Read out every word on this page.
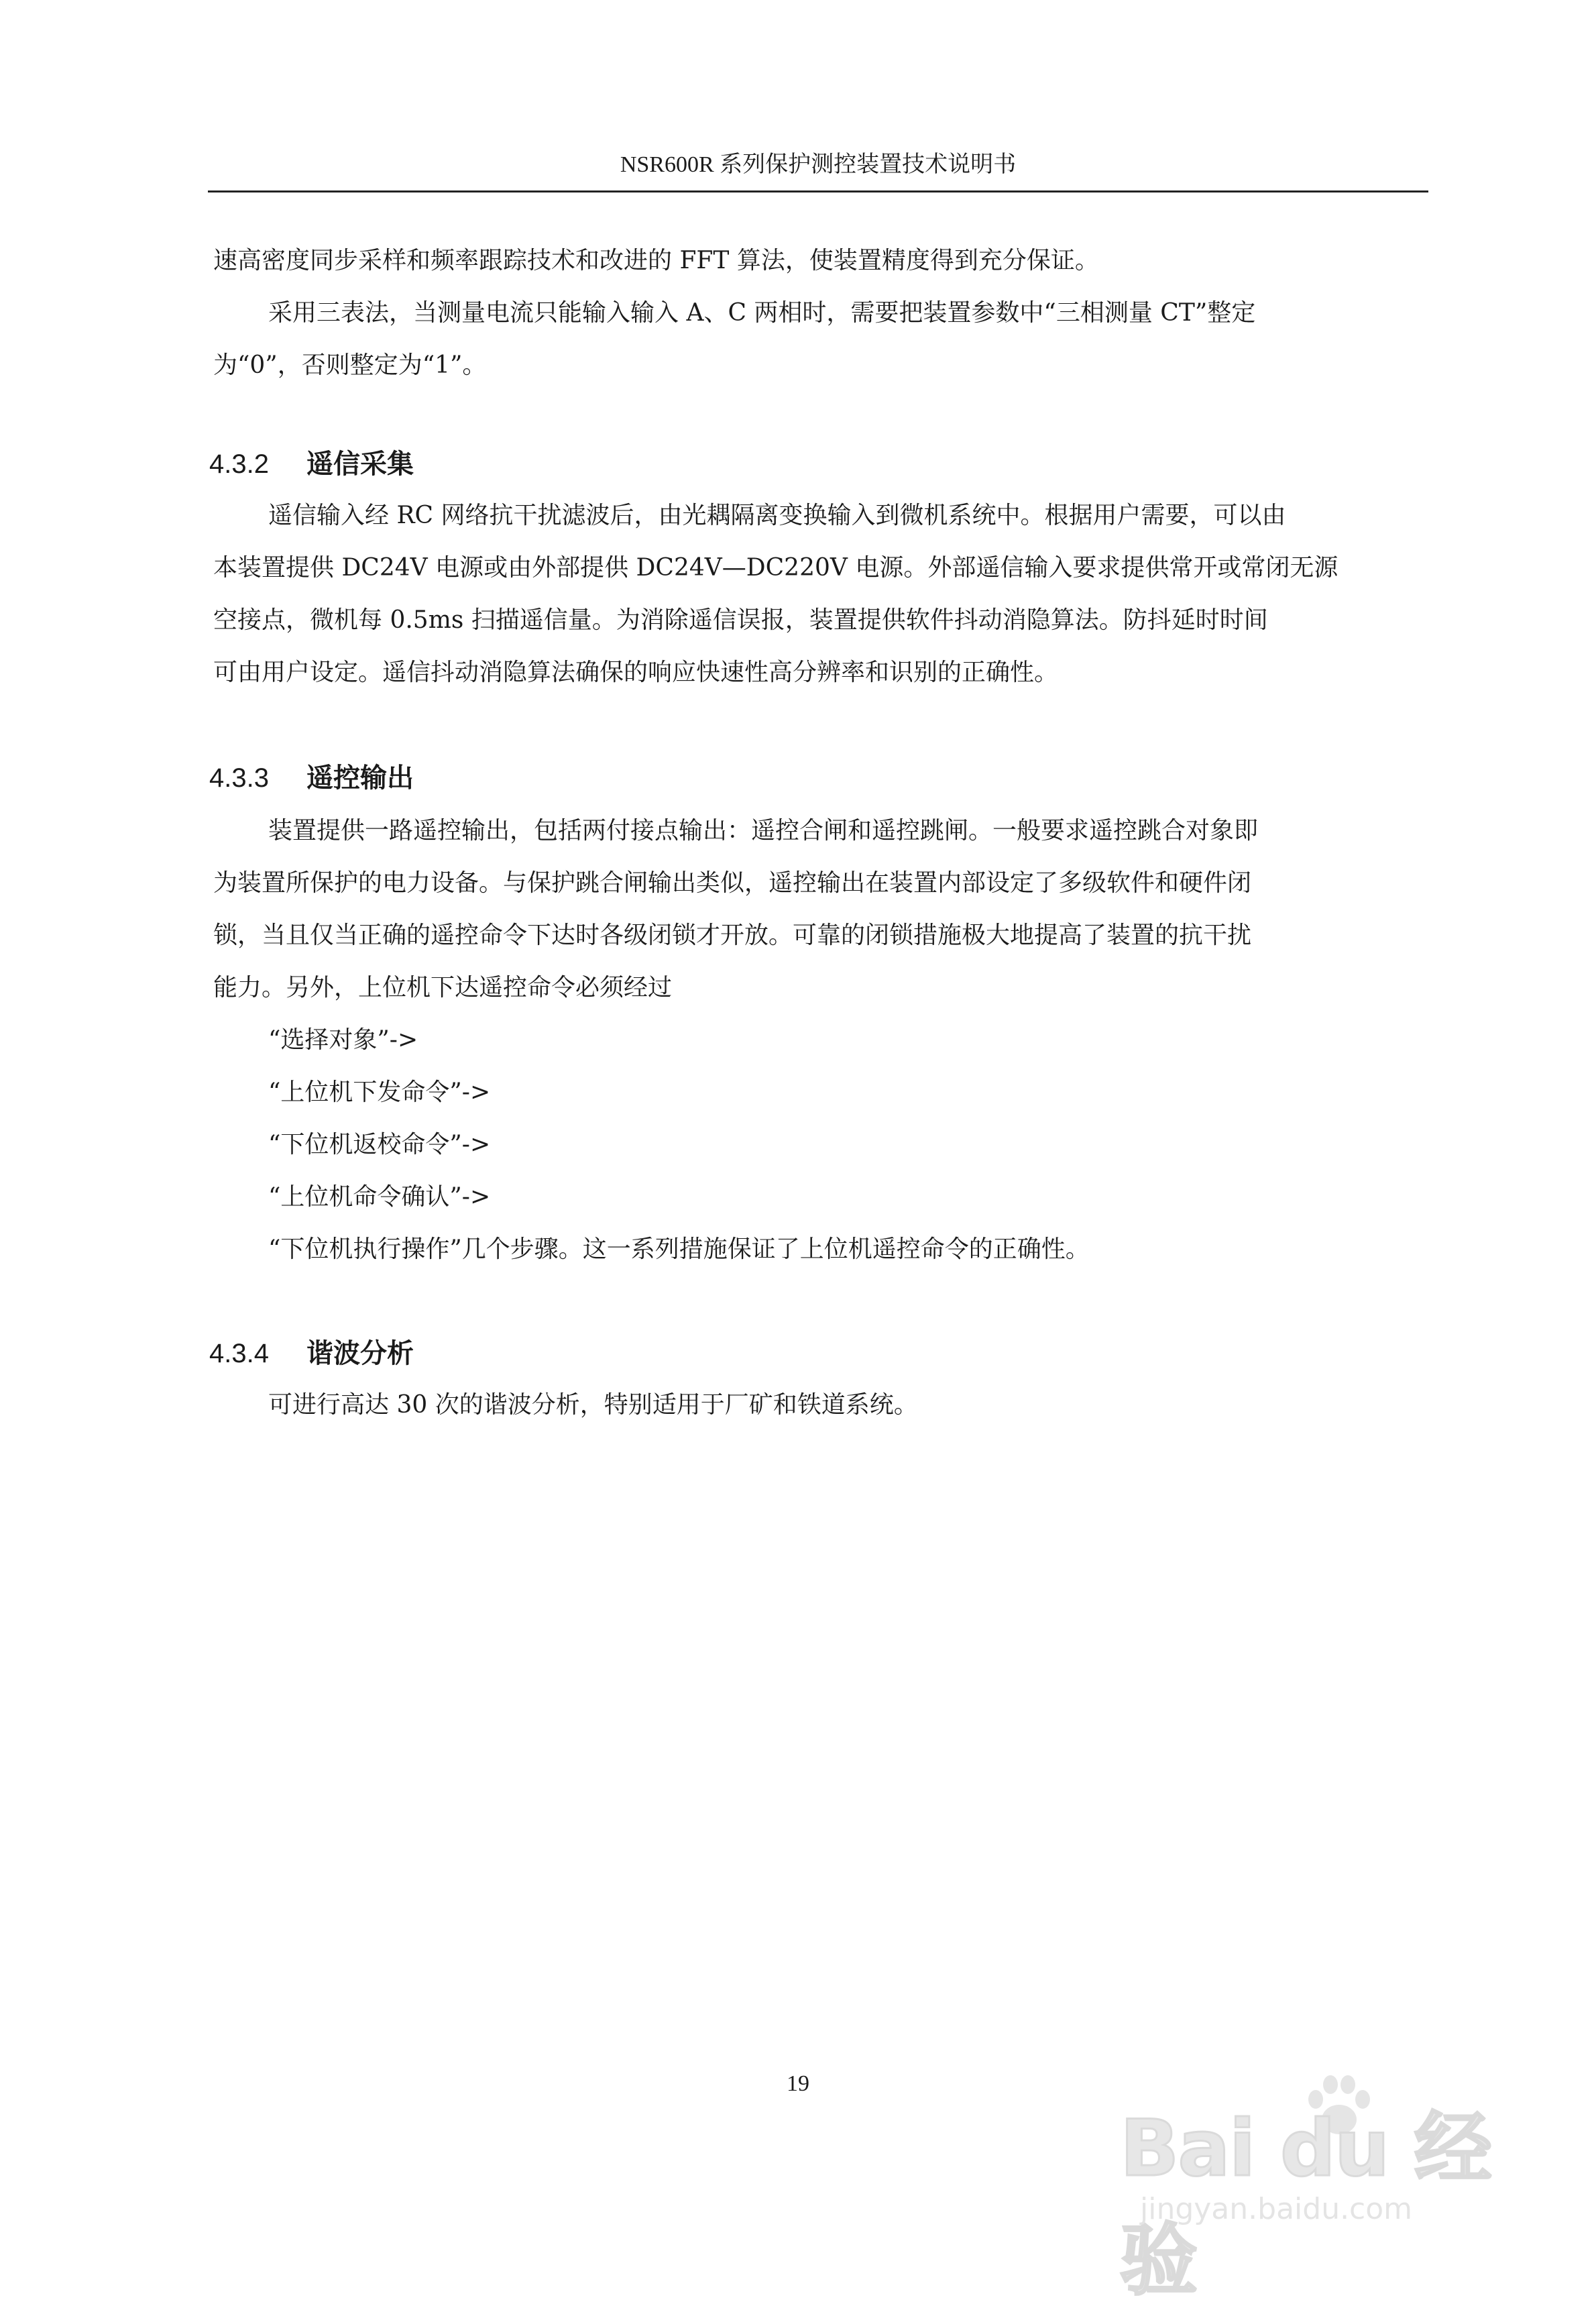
NSR600R 系列保护测控装置技术说明书
速高密度同步采样和频率跟踪技术和改进的 FFT 算法，使装置精度得到充分保证。
采用三表法，当测量电流只能输入输入 A、C 两相时，需要把装置参数中“三相测量 CT”整定
为“0”，否则整定为“1”。
4.3.2 遥信采集
遥信输入经 RC 网络抗干扰滤波后，由光耦隔离变换输入到微机系统中。根据用户需要，可以由
本装置提供 DC24V 电源或由外部提供 DC24V—DC220V 电源。外部遥信输入要求提供常开或常闭无源
空接点，微机每 0.5ms 扫描遥信量。为消除遥信误报，装置提供软件抖动消隐算法。防抖延时时间
可由用户设定。遥信抖动消隐算法确保的响应快速性高分辨率和识别的正确性。
4.3.3 遥控输出
装置提供一路遥控输出，包括两付接点输出：遥控合闸和遥控跳闸。一般要求遥控跳合对象即
为装置所保护的电力设备。与保护跳合闸输出类似，遥控输出在装置内部设定了多级软件和硬件闭
锁，当且仅当正确的遥控命令下达时各级闭锁才开放。可靠的闭锁措施极大地提高了装置的抗干扰
能力。另外，上位机下达遥控命令必须经过
“选择对象”->
“上位机下发命令”->
“下位机返校命令”->
“上位机命令确认”->
“下位机执行操作”几个步骤。这一系列措施保证了上位机遥控命令的正确性。
4.3.4 谐波分析
可进行高达 30 次的谐波分析，特别适用于厂矿和铁道系统。
19
Bai du 经验
jingyan.baidu.com
